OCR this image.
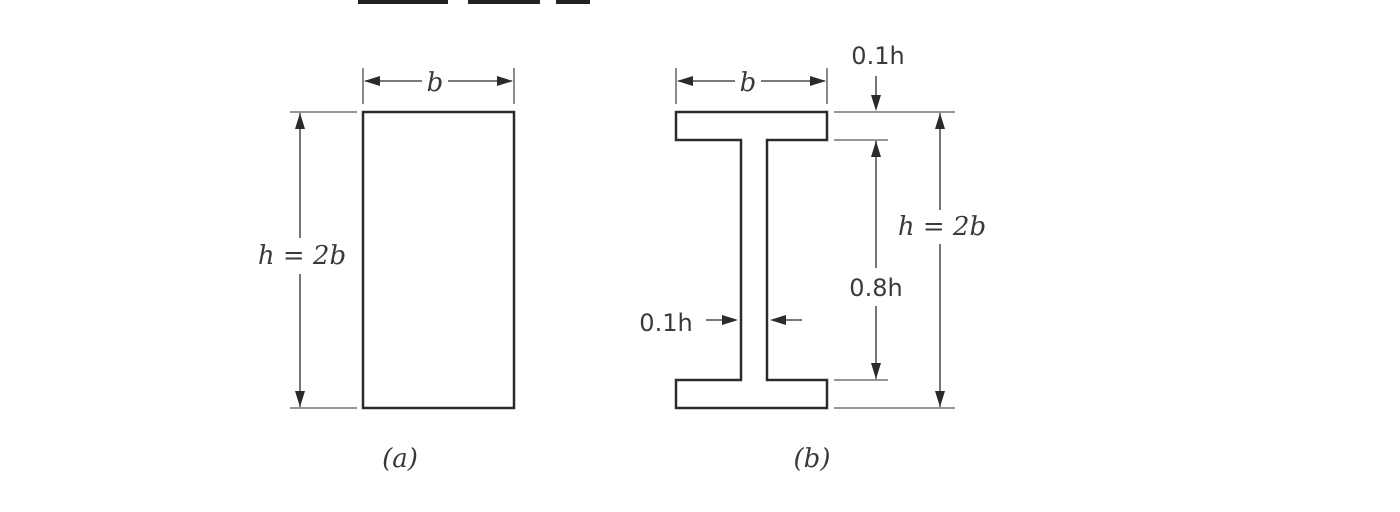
b
h = 2b
(a)
b
0.1h
0.8h
h = 2b
0.1h
(b)
